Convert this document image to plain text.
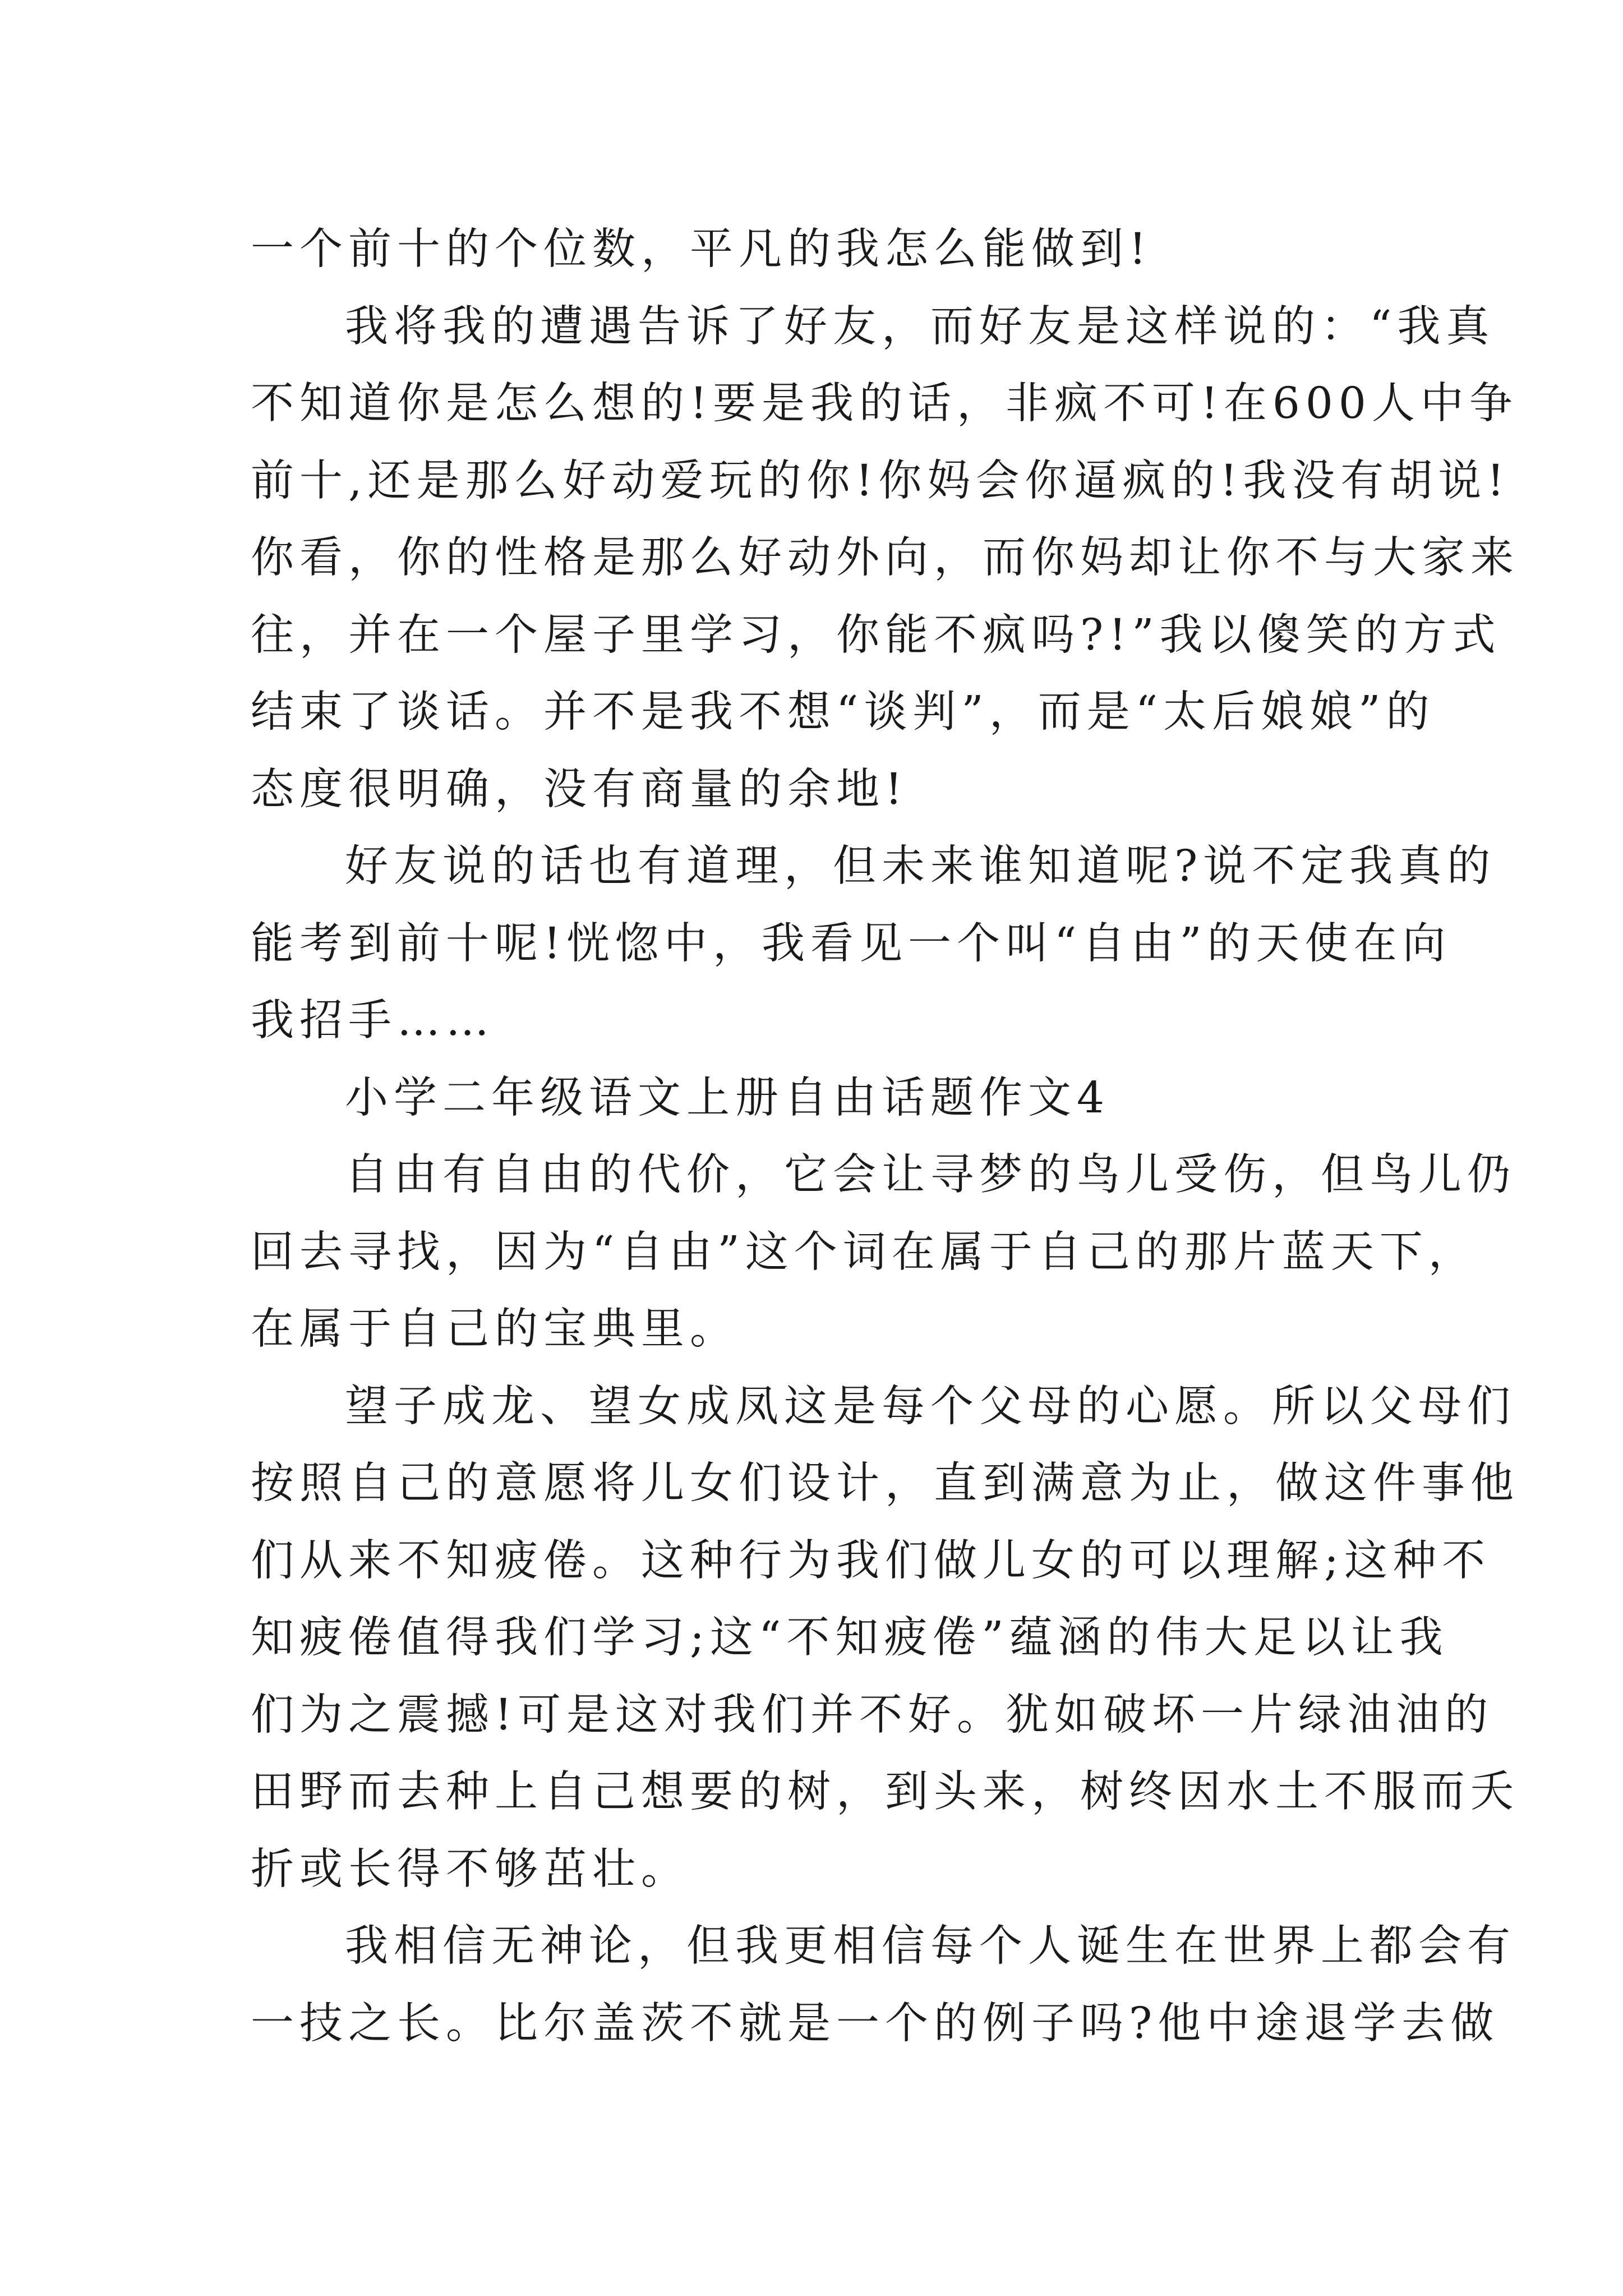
一个前十的个位数，平凡的我怎么能做到!
我将我的遭遇告诉了好友，而好友是这样说的：“我真
不知道你是怎么想的!要是我的话，非疯不可!在600人中争
前十,还是那么好动爱玩的你!你妈会你逼疯的!我没有胡说!
你看，你的性格是那么好动外向，而你妈却让你不与大家来
往，并在一个屋子里学习，你能不疯吗?!”我以傻笑的方式
结束了谈话。并不是我不想“谈判”，而是“太后娘娘”的
态度很明确，没有商量的余地!
好友说的话也有道理，但未来谁知道呢?说不定我真的
能考到前十呢!恍惚中，我看见一个叫“自由”的天使在向
我招手……
小学二年级语文上册自由话题作文4
自由有自由的代价，它会让寻梦的鸟儿受伤，但鸟儿仍
回去寻找，因为“自由”这个词在属于自己的那片蓝天下，
在属于自己的宝典里。
望子成龙、望女成凤这是每个父母的心愿。所以父母们
按照自己的意愿将儿女们设计，直到满意为止，做这件事他
们从来不知疲倦。这种行为我们做儿女的可以理解;这种不
知疲倦值得我们学习;这“不知疲倦”蕴涵的伟大足以让我
们为之震撼!可是这对我们并不好。犹如破坏一片绿油油的
田野而去种上自己想要的树，到头来，树终因水土不服而夭
折或长得不够茁壮。
我相信无神论，但我更相信每个人诞生在世界上都会有
一技之长。比尔盖茨不就是一个的例子吗?他中途退学去做
